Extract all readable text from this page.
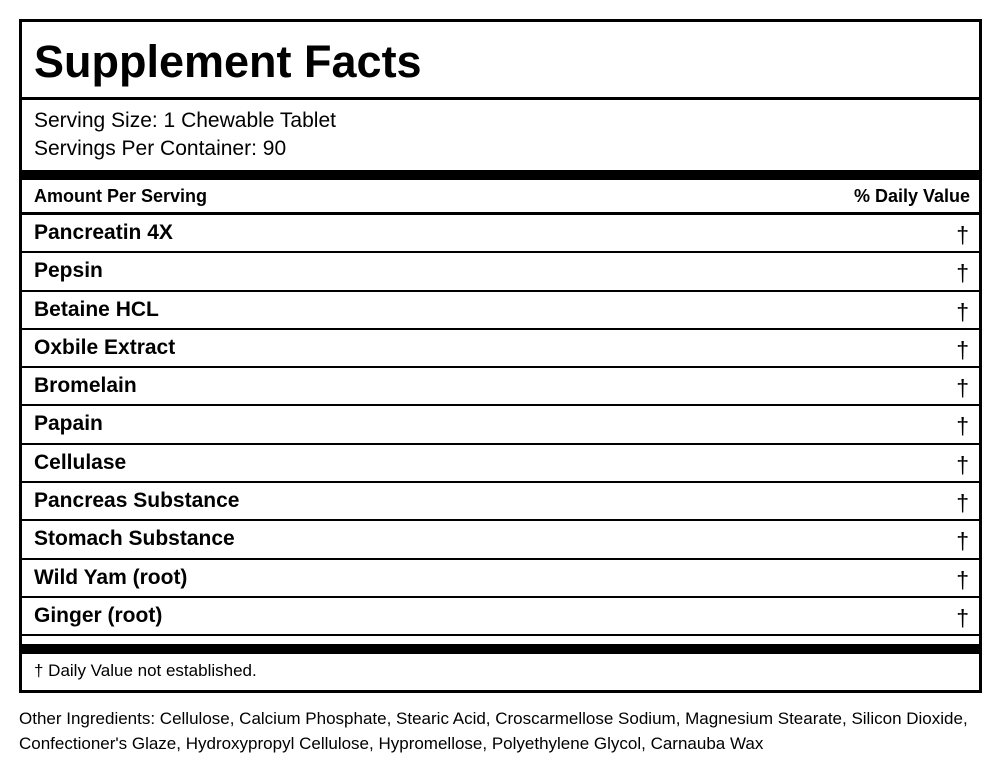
Supplement Facts
Serving Size: 1 Chewable Tablet
Servings Per Container: 90
Amount Per Serving	% Daily Value
Pancreatin 4X	†
Pepsin	†
Betaine HCL	†
Oxbile Extract	†
Bromelain	†
Papain	†
Cellulase	†
Pancreas Substance	†
Stomach Substance	†
Wild Yam (root)	†
Ginger (root)	†
† Daily Value not established.
Other Ingredients: Cellulose, Calcium Phosphate, Stearic Acid, Croscarmellose Sodium, Magnesium Stearate, Silicon Dioxide, Confectioner's Glaze, Hydroxypropyl Cellulose, Hypromellose, Polyethylene Glycol, Carnauba Wax
